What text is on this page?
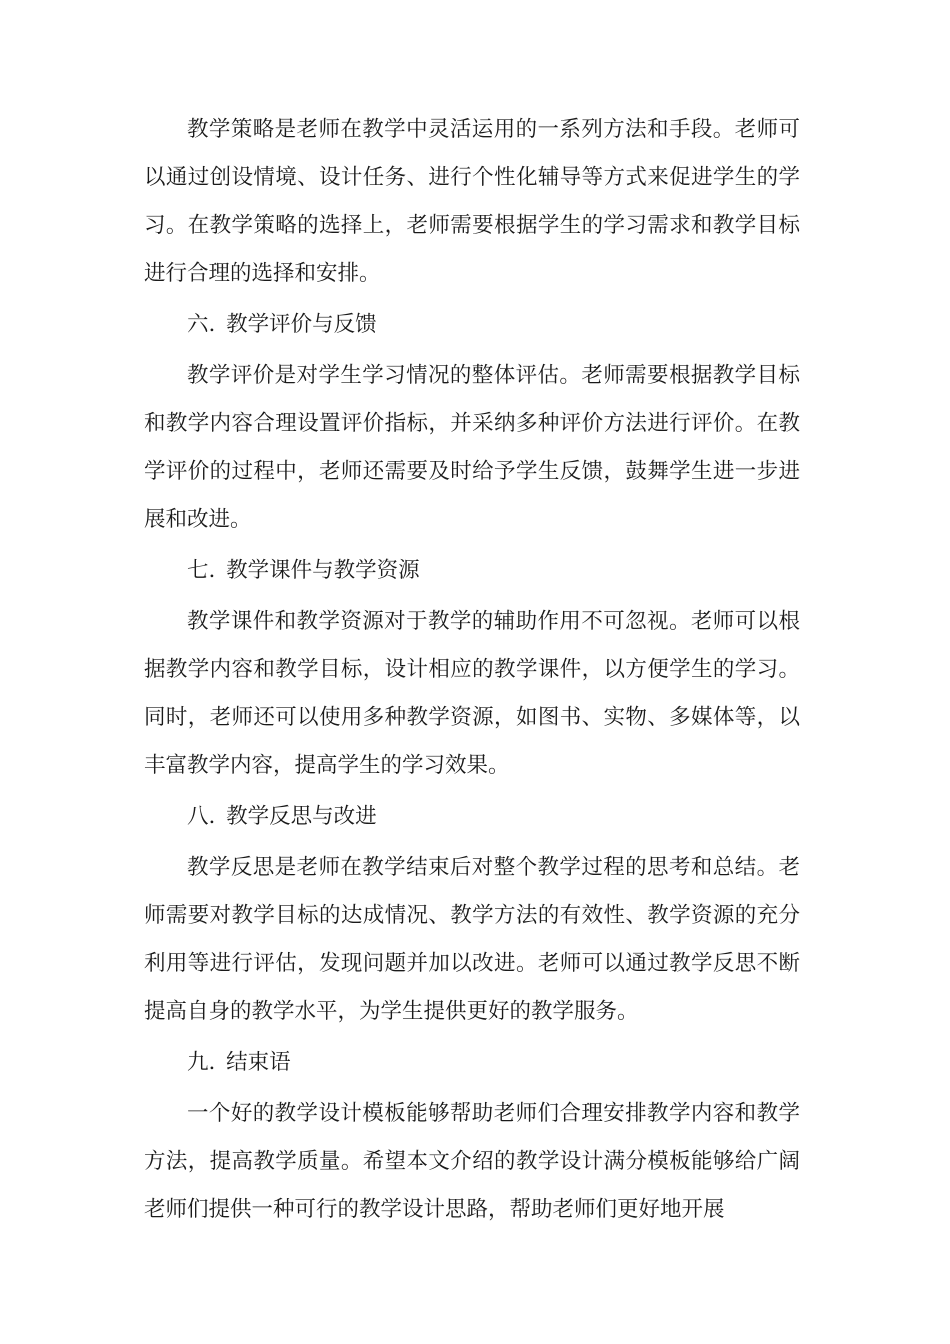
教学策略是老师在教学中灵活运用的一系列方法和手段。老师可以通过创设情境、设计任务、进行个性化辅导等方式来促进学生的学习。在教学策略的选择上，老师需要根据学生的学习需求和教学目标进行合理的选择和安排。

六. 教学评价与反馈

教学评价是对学生学习情况的整体评估。老师需要根据教学目标和教学内容合理设置评价指标，并采纳多种评价方法进行评价。在教学评价的过程中，老师还需要及时给予学生反馈，鼓舞学生进一步进展和改进。

七. 教学课件与教学资源

教学课件和教学资源对于教学的辅助作用不可忽视。老师可以根据教学内容和教学目标，设计相应的教学课件，以方便学生的学习。同时，老师还可以使用多种教学资源，如图书、实物、多媒体等，以丰富教学内容，提高学生的学习效果。

八. 教学反思与改进

教学反思是老师在教学结束后对整个教学过程的思考和总结。老师需要对教学目标的达成情况、教学方法的有效性、教学资源的充分利用等进行评估，发现问题并加以改进。老师可以通过教学反思不断提高自身的教学水平，为学生提供更好的教学服务。

九. 结束语

一个好的教学设计模板能够帮助老师们合理安排教学内容和教学方法，提高教学质量。希望本文介绍的教学设计满分模板能够给广阔老师们提供一种可行的教学设计思路，帮助老师们更好地开展
